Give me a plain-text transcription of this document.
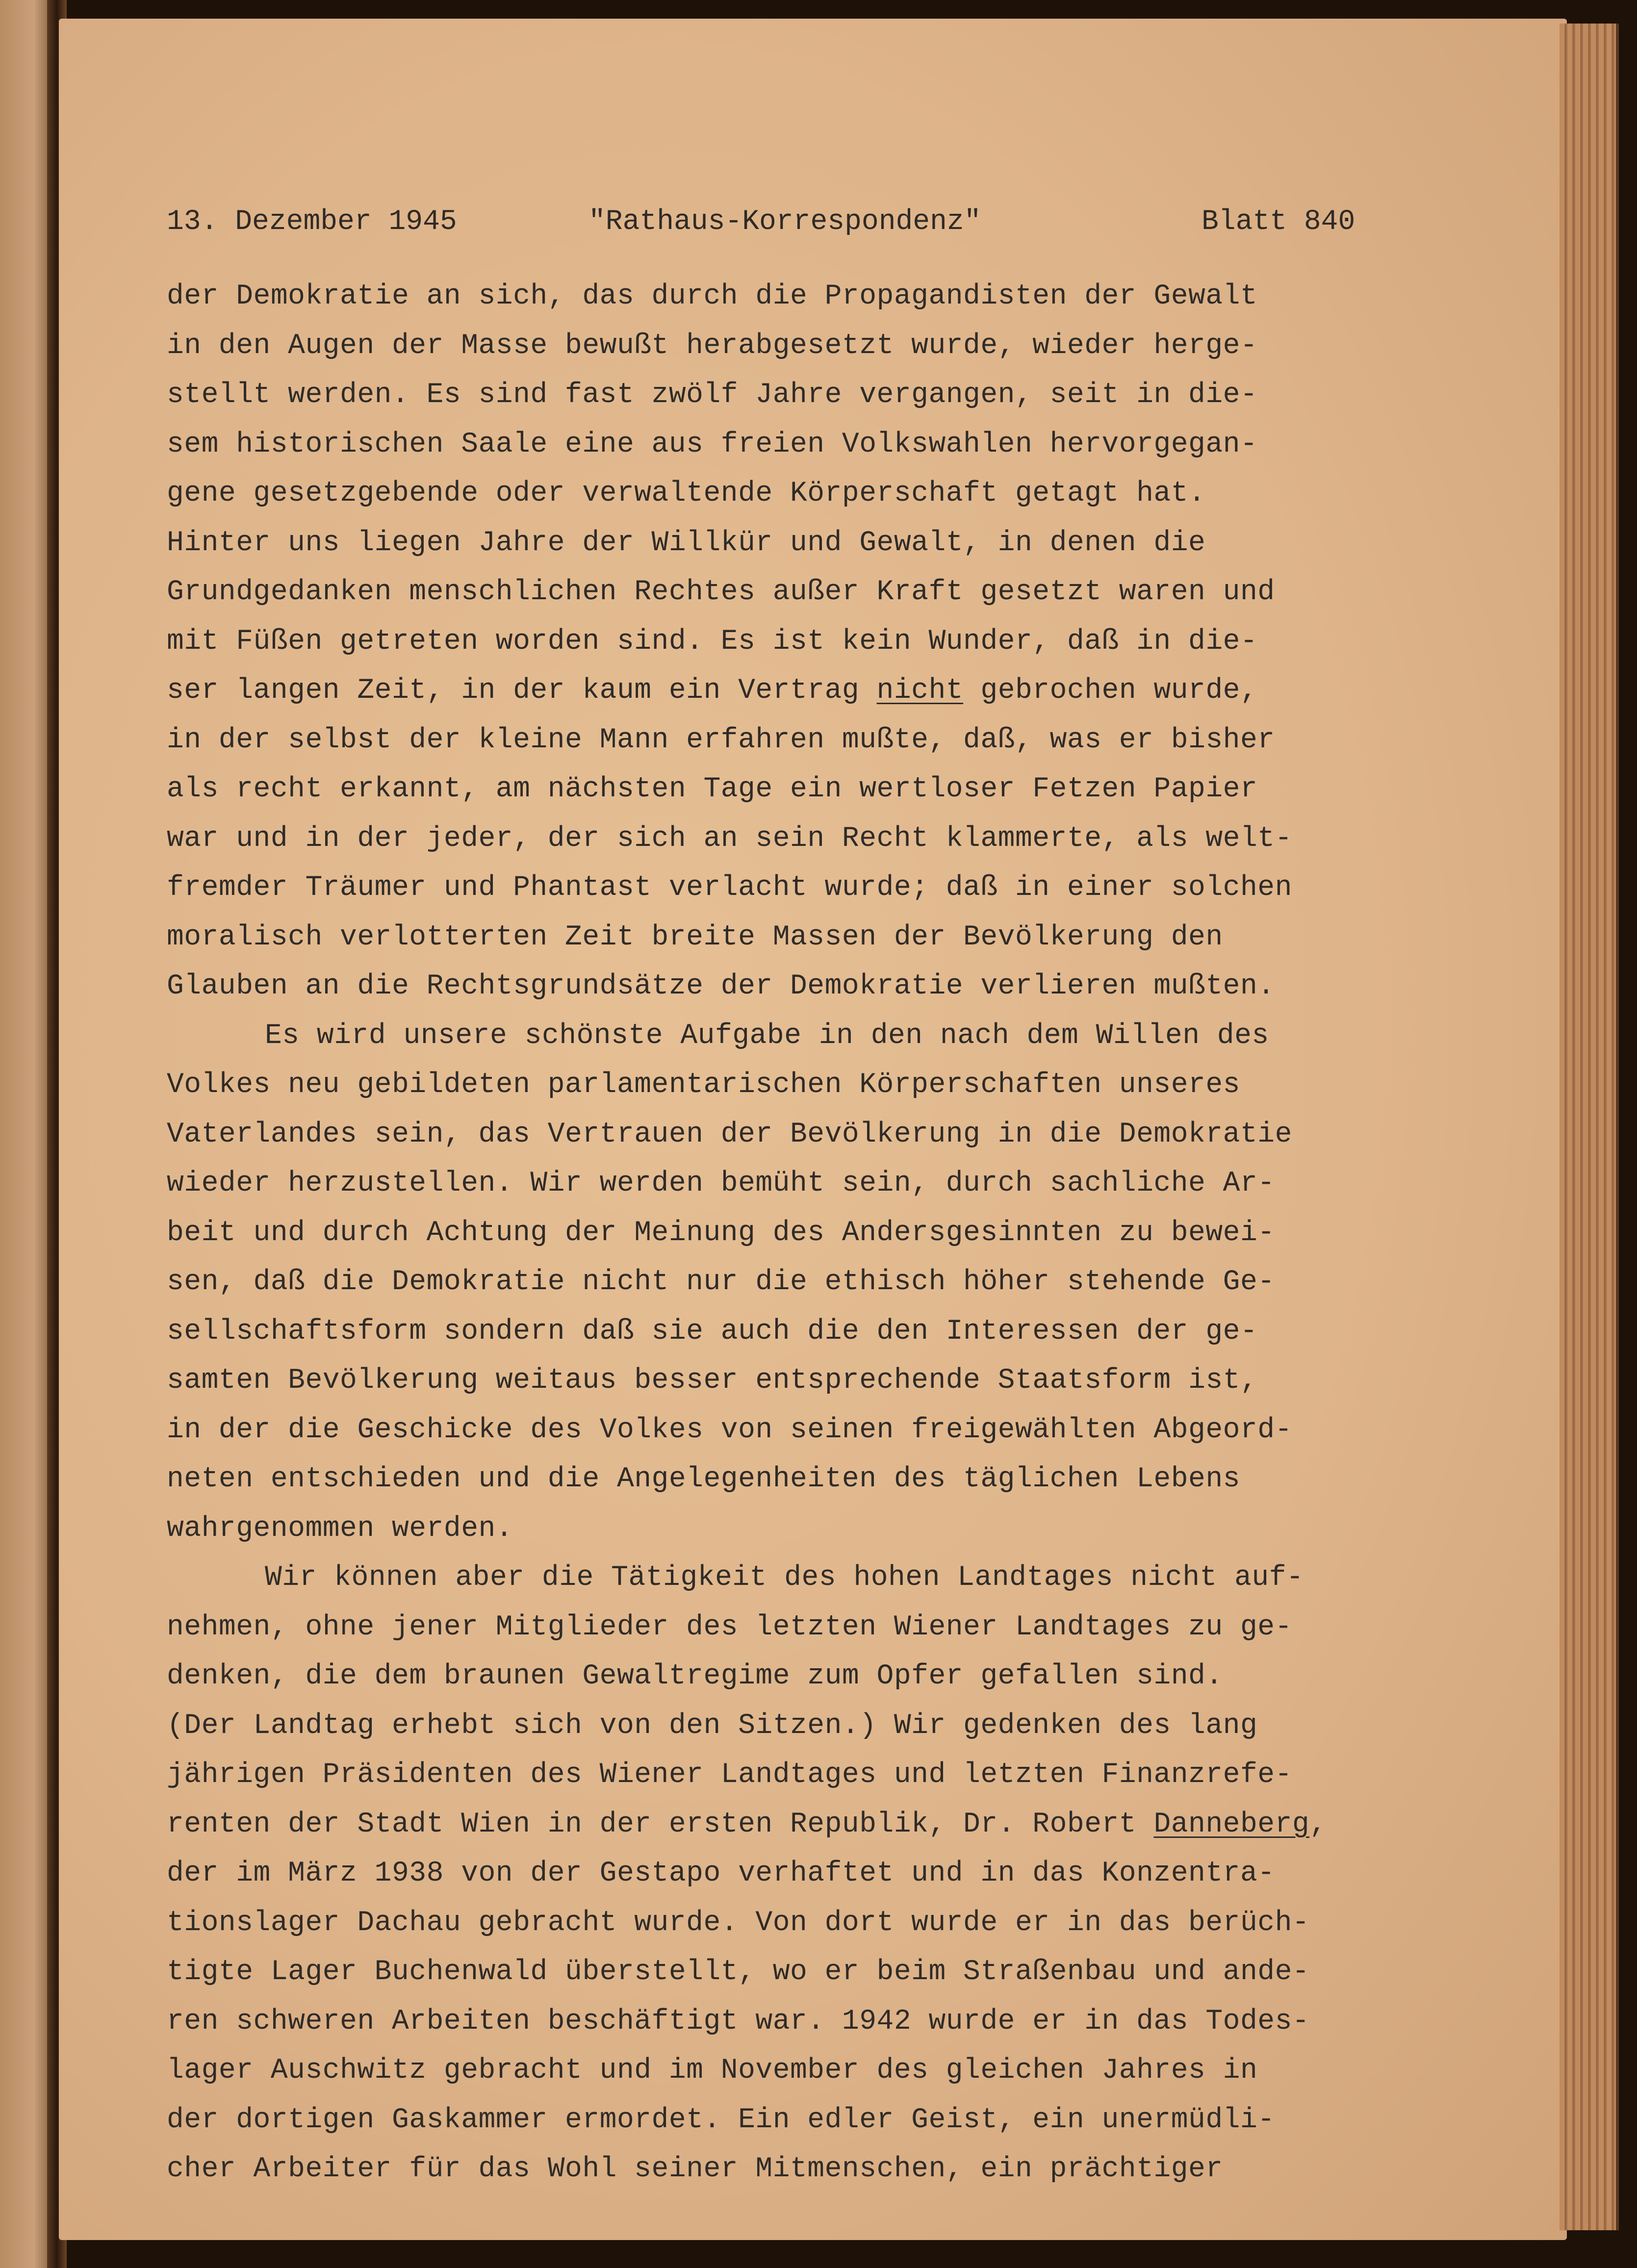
13. Dezember 1945

	"Rathaus-Korrespondenz"

	Blatt 840

der Demokratie an sich, das durch die Propagandisten der Gewalt
in den Augen der Masse bewußt herabgesetzt wurde, wieder herge-
stellt werden. Es sind fast zwölf Jahre vergangen, seit in die-
sem historischen Saale eine aus freien Volkswahlen hervorgegan-
gene gesetzgebende oder verwaltende Körperschaft getagt hat.
Hinter uns liegen Jahre der Willkür und Gewalt, in denen die
Grundgedanken menschlichen Rechtes außer Kraft gesetzt waren und
mit Füßen getreten worden sind. Es ist kein Wunder, daß in die-
ser langen Zeit, in der kaum ein Vertrag nicht gebrochen wurde,
in der selbst der kleine Mann erfahren mußte, daß, was er bisher
als recht erkannt, am nächsten Tage ein wertloser Fetzen Papier
war und in der jeder, der sich an sein Recht klammerte, als welt-
fremder Träumer und Phantast verlacht wurde; daß in einer solchen
moralisch verlotterten Zeit breite Massen der Bevölkerung den
Glauben an die Rechtsgrundsätze der Demokratie verlieren mußten.
Es wird unsere schönste Aufgabe in den nach dem Willen des
Volkes neu gebildeten parlamentarischen Körperschaften unseres
Vaterlandes sein, das Vertrauen der Bevölkerung in die Demokratie
wieder herzustellen. Wir werden bemüht sein, durch sachliche Ar-
beit und durch Achtung der Meinung des Andersgesinnten zu bewei-
sen, daß die Demokratie nicht nur die ethisch höher stehende Ge-
sellschaftsform sondern daß sie auch die den Interessen der ge-
samten Bevölkerung weitaus besser entsprechende Staatsform ist,
in der die Geschicke des Volkes von seinen freigewählten Abgeord-
neten entschieden und die Angelegenheiten des täglichen Lebens
wahrgenommen werden.
Wir können aber die Tätigkeit des hohen Landtages nicht auf-
nehmen, ohne jener Mitglieder des letzten Wiener Landtages zu ge-
denken, die dem braunen Gewaltregime zum Opfer gefallen sind.
(Der Landtag erhebt sich von den Sitzen.) Wir gedenken des lang
jährigen Präsidenten des Wiener Landtages und letzten Finanzrefe-
renten der Stadt Wien in der ersten Republik, Dr. Robert Danneberg,
der im März 1938 von der Gestapo verhaftet und in das Konzentra-
tionslager Dachau gebracht wurde. Von dort wurde er in das berüch-
tigte Lager Buchenwald überstellt, wo er beim Straßenbau und ande-
ren schweren Arbeiten beschäftigt war. 1942 wurde er in das Todes-
lager Auschwitz gebracht und im November des gleichen Jahres in
der dortigen Gaskammer ermordet. Ein edler Geist, ein unermüdli-
cher Arbeiter für das Wohl seiner Mitmenschen, ein prächtiger
